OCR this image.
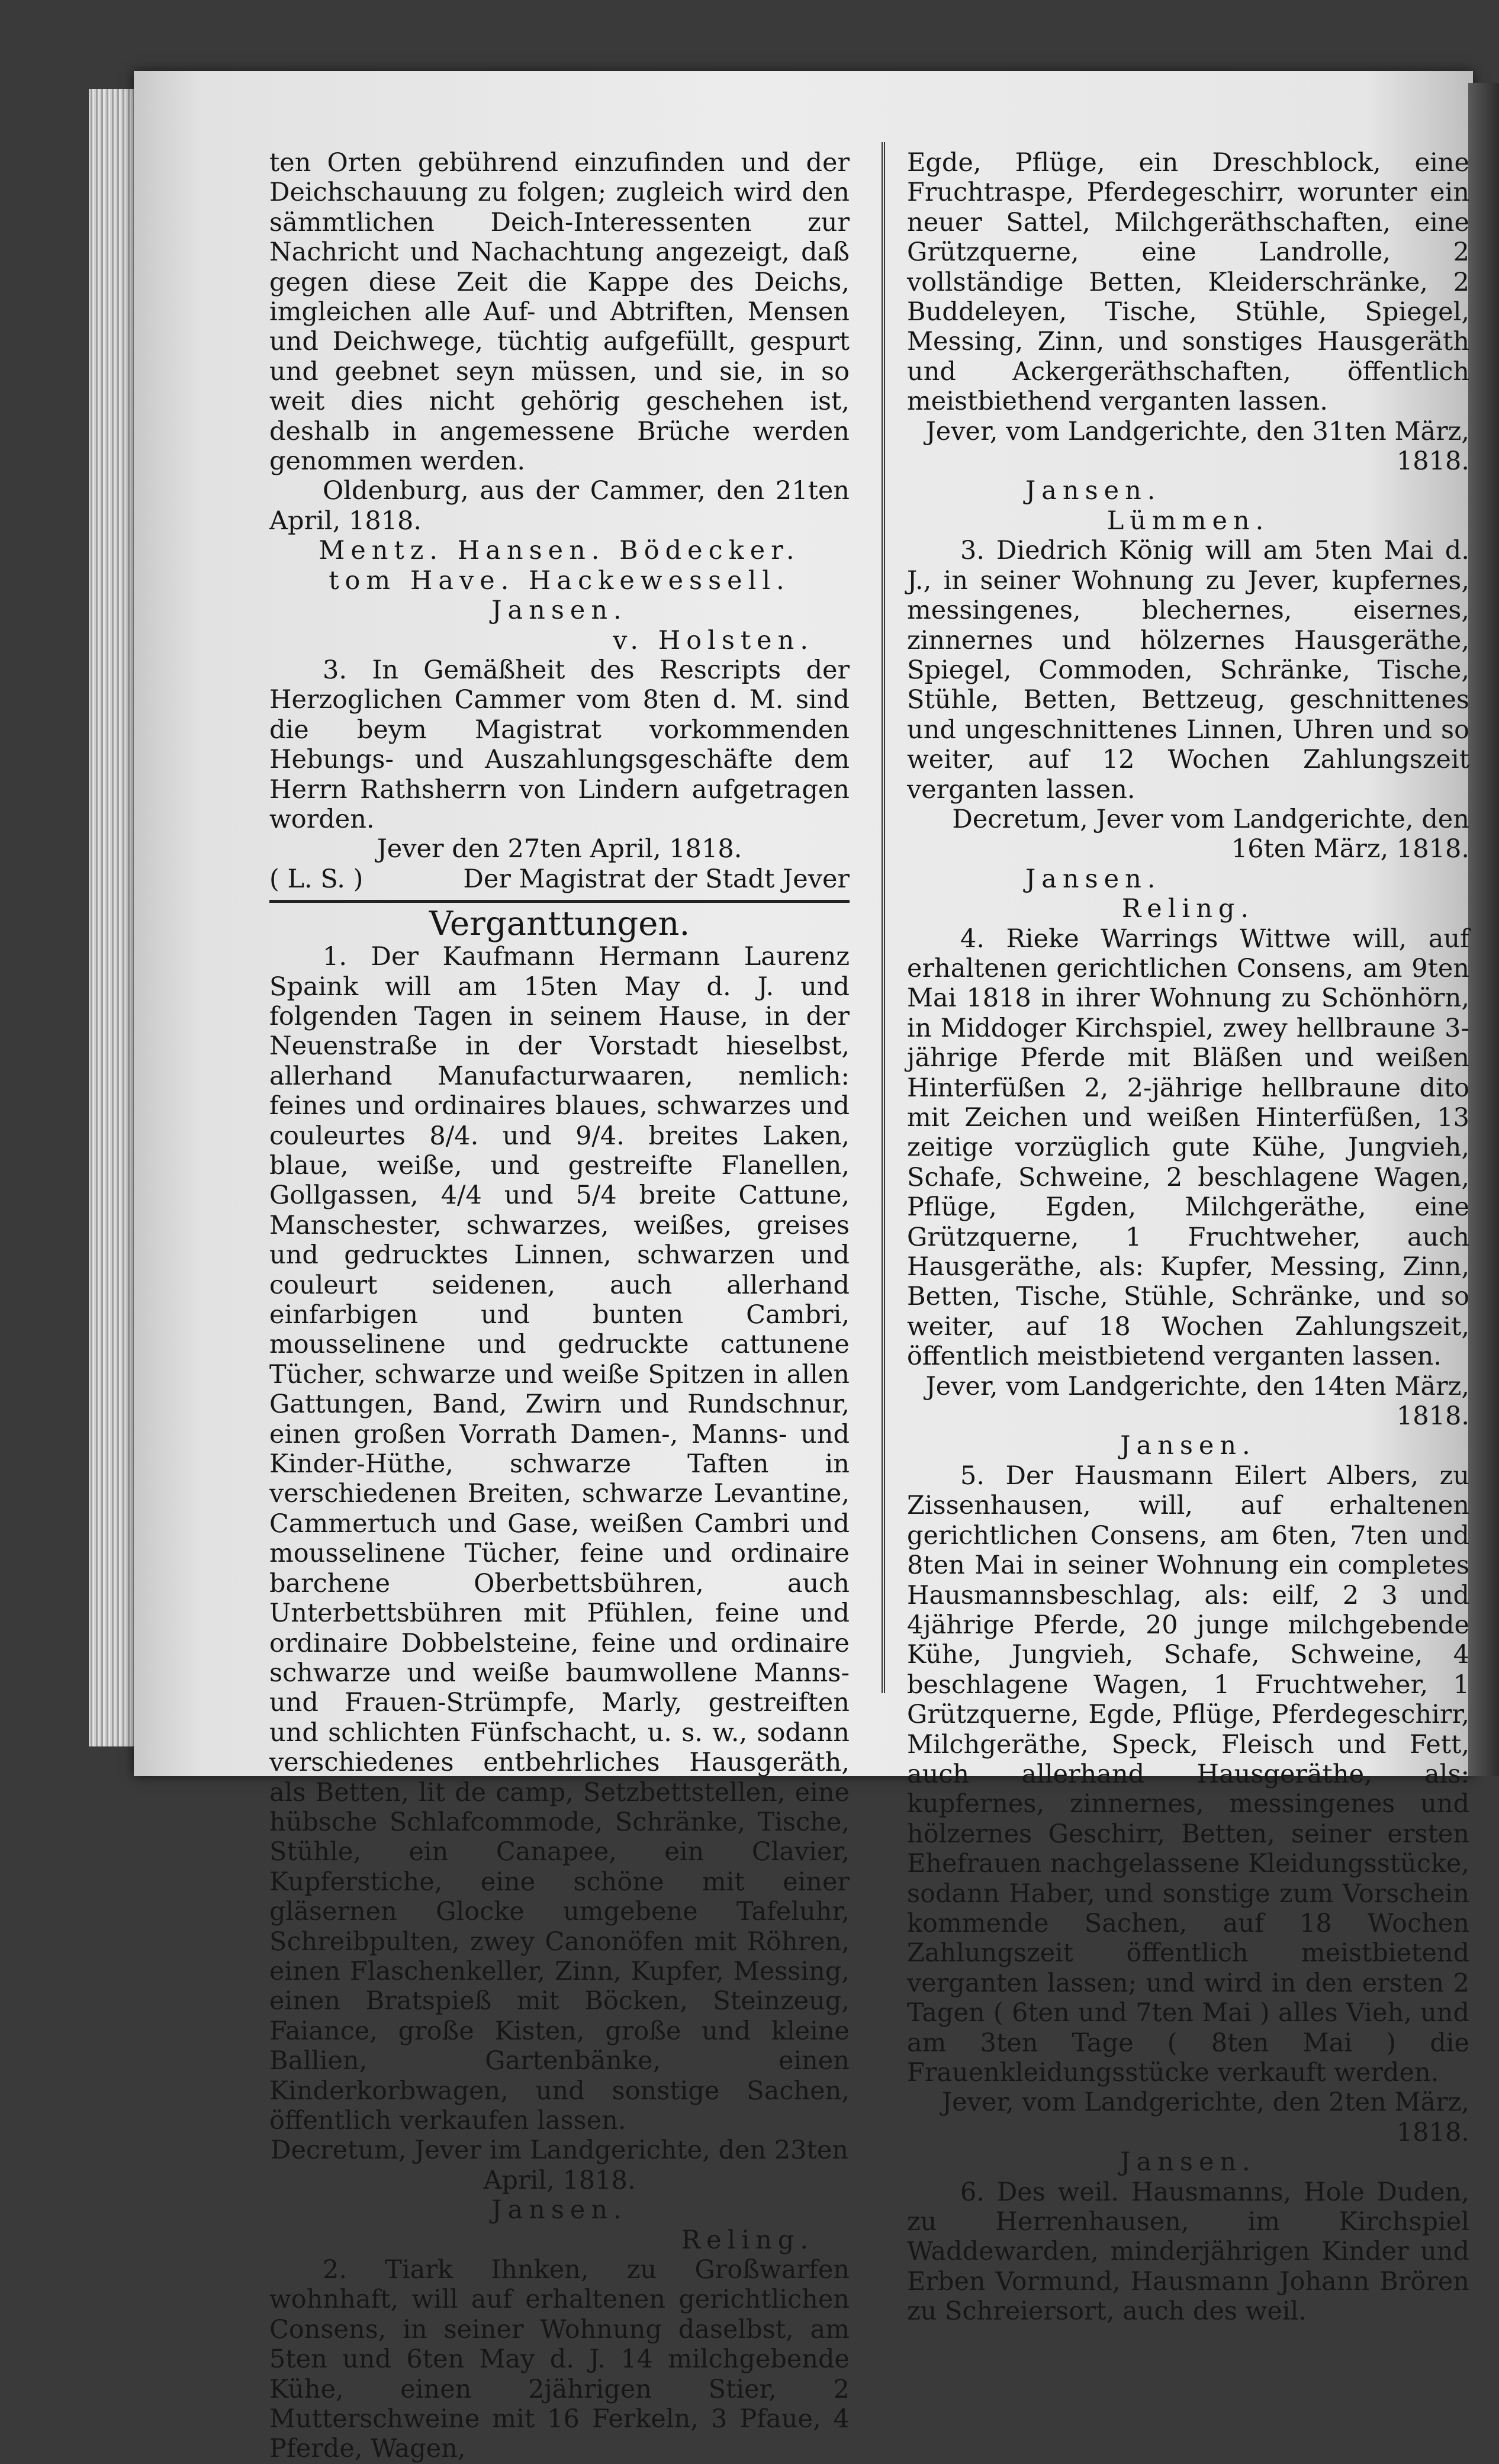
ten Orten gebührend einzufinden und der Deichschauung zu folgen; zugleich wird den sämmtlichen Deich-Interessenten zur Nachricht und Nachachtung angezeigt, daß gegen diese Zeit die Kappe des Deichs, imgleichen alle Auf- und Abtriften, Mensen und Deichwege, tüchtig aufgefüllt, gespurt und geebnet seyn müssen, und sie, in so weit dies nicht gehörig geschehen ist, deshalb in angemessene Brüche werden genommen werden.

Oldenburg, aus der Cammer, den 21ten April, 1818.

Mentz. Hansen. Bödecker.

tom Have. Hackewessell. Jansen.

v. Holsten.

3. In Gemäßheit des Rescripts der Herzoglichen Cammer vom 8ten d. M. sind die beym Magistrat vorkommenden Hebungs- und Auszahlungsgeschäfte dem Herrn Rathsherrn von Lindern aufgetragen worden.

Jever den 27ten April, 1818.

( L. S. )	Der Magistrat der Stadt Jever
Verganttungen.

1. Der Kaufmann Hermann Laurenz Spaink will am 15ten May d. J. und folgenden Tagen in seinem Hause, in der Neuenstraße in der Vorstadt hieselbst, allerhand Manufacturwaaren, nemlich: feines und ordinaires blaues, schwarzes und couleurtes 8/4. und 9/4. breites Laken, blaue, weiße, und gestreifte Flanellen, Gollgassen, 4/4 und 5/4 breite Cattune, Manschester, schwarzes, weißes, greises und gedrucktes Linnen, schwarzen und couleurt seidenen, auch allerhand einfarbigen und bunten Cambri, mousselinene und gedruckte cattunene Tücher, schwarze und weiße Spitzen in allen Gattungen, Band, Zwirn und Rundschnur, einen großen Vorrath Damen-, Manns- und Kinder-Hüthe, schwarze Taften in verschiedenen Breiten, schwarze Levantine, Cammertuch und Gase, weißen Cambri und mousselinene Tücher, feine und ordinaire barchene Oberbettsbühren, auch Unterbettsbühren mit Pfühlen, feine und ordinaire Dobbelsteine, feine und ordinaire schwarze und weiße baumwollene Manns- und Frauen-Strümpfe, Marly, gestreiften und schlichten Fünfschacht, u. s. w., sodann verschiedenes entbehrliches Hausgeräth, als Betten, lit de camp, Setzbettstellen, eine hübsche Schlafcommode, Schränke, Tische, Stühle, ein Canapee, ein Clavier, Kupferstiche, eine schöne mit einer gläsernen Glocke umgebene Tafeluhr, Schreibpulten, zwey Canonöfen mit Röhren, einen Flaschenkeller, Zinn, Kupfer, Messing, einen Bratspieß mit Böcken, Steinzeug, Faiance, große Kisten, große und kleine Ballien, Gartenbänke, einen Kinderkorbwagen, und sonstige Sachen, öffentlich verkaufen lassen.

Decretum, Jever im Landgerichte, den 23ten April, 1818.

Jansen.

Reling.

2. Tiark Ihnken, zu Großwarfen wohnhaft, will auf erhaltenen gerichtlichen Consens, in seiner Wohnung daselbst, am 5ten und 6ten May d. J. 14 milchgebende Kühe, einen 2jährigen Stier, 2 Mutterschweine mit 16 Ferkeln, 3 Pfaue, 4 Pferde, Wagen,

Egde, Pflüge, ein Dreschblock, eine Fruchtraspe, Pferdegeschirr, worunter ein neuer Sattel, Milchgeräthschaften, eine Grützquerne, eine Landrolle, 2 vollständige Betten, Kleiderschränke, 2 Buddeleyen, Tische, Stühle, Spiegel, Messing, Zinn, und sonstiges Hausgeräth und Ackergeräthschaften, öffentlich meistbiethend verganten lassen.

Jever, vom Landgerichte, den 31ten März, 1818.

Jansen.

Lümmen.

3. Diedrich König will am 5ten Mai d. J., in seiner Wohnung zu Jever, kupfernes, messingenes, blechernes, eisernes, zinnernes und hölzernes Hausgeräthe, Spiegel, Commoden, Schränke, Tische, Stühle, Betten, Bettzeug, geschnittenes und ungeschnittenes Linnen, Uhren und so weiter, auf 12 Wochen Zahlungszeit verganten lassen.

Decretum, Jever vom Landgerichte, den 16ten März, 1818.

Jansen.

Reling.

4. Rieke Warrings Wittwe will, auf erhaltenen gerichtlichen Consens, am 9ten Mai 1818 in ihrer Wohnung zu Schönhörn, in Middoger Kirchspiel, zwey hellbraune 3-jährige Pferde mit Bläßen und weißen Hinterfüßen 2, 2-jährige hellbraune dito mit Zeichen und weißen Hinterfüßen, 13 zeitige vorzüglich gute Kühe, Jungvieh, Schafe, Schweine, 2 beschlagene Wagen, Pflüge, Egden, Milchgeräthe, eine Grützquerne, 1 Fruchtweher, auch Hausgeräthe, als: Kupfer, Messing, Zinn, Betten, Tische, Stühle, Schränke, und so weiter, auf 18 Wochen Zahlungszeit, öffentlich meistbietend verganten lassen.

Jever, vom Landgerichte, den 14ten März, 1818.

Jansen.

5. Der Hausmann Eilert Albers, zu Zissenhausen, will, auf erhaltenen gerichtlichen Consens, am 6ten, 7ten und 8ten Mai in seiner Wohnung ein completes Hausmannsbeschlag, als: eilf, 2 3 und 4jährige Pferde, 20 junge milchgebende Kühe, Jungvieh, Schafe, Schweine, 4 beschlagene Wagen, 1 Fruchtweher, 1 Grützquerne, Egde, Pflüge, Pferdegeschirr, Milchgeräthe, Speck, Fleisch und Fett, auch allerhand Hausgeräthe, als: kupfernes, zinnernes, messingenes und hölzernes Geschirr, Betten, seiner ersten Ehefrauen nachgelassene Kleidungsstücke, sodann Haber, und sonstige zum Vorschein kommende Sachen, auf 18 Wochen Zahlungszeit öffentlich meistbietend verganten lassen; und wird in den ersten 2 Tagen ( 6ten und 7ten Mai ) alles Vieh, und am 3ten Tage ( 8ten Mai ) die Frauenkleidungsstücke verkauft werden.

Jever, vom Landgerichte, den 2ten März, 1818.

Jansen.

6. Des weil. Hausmanns, Hole Duden, zu Herrenhausen, im Kirchspiel Waddewarden, minderjährigen Kinder und Erben Vormund, Hausmann Johann Brören zu Schreiersort, auch des weil.
